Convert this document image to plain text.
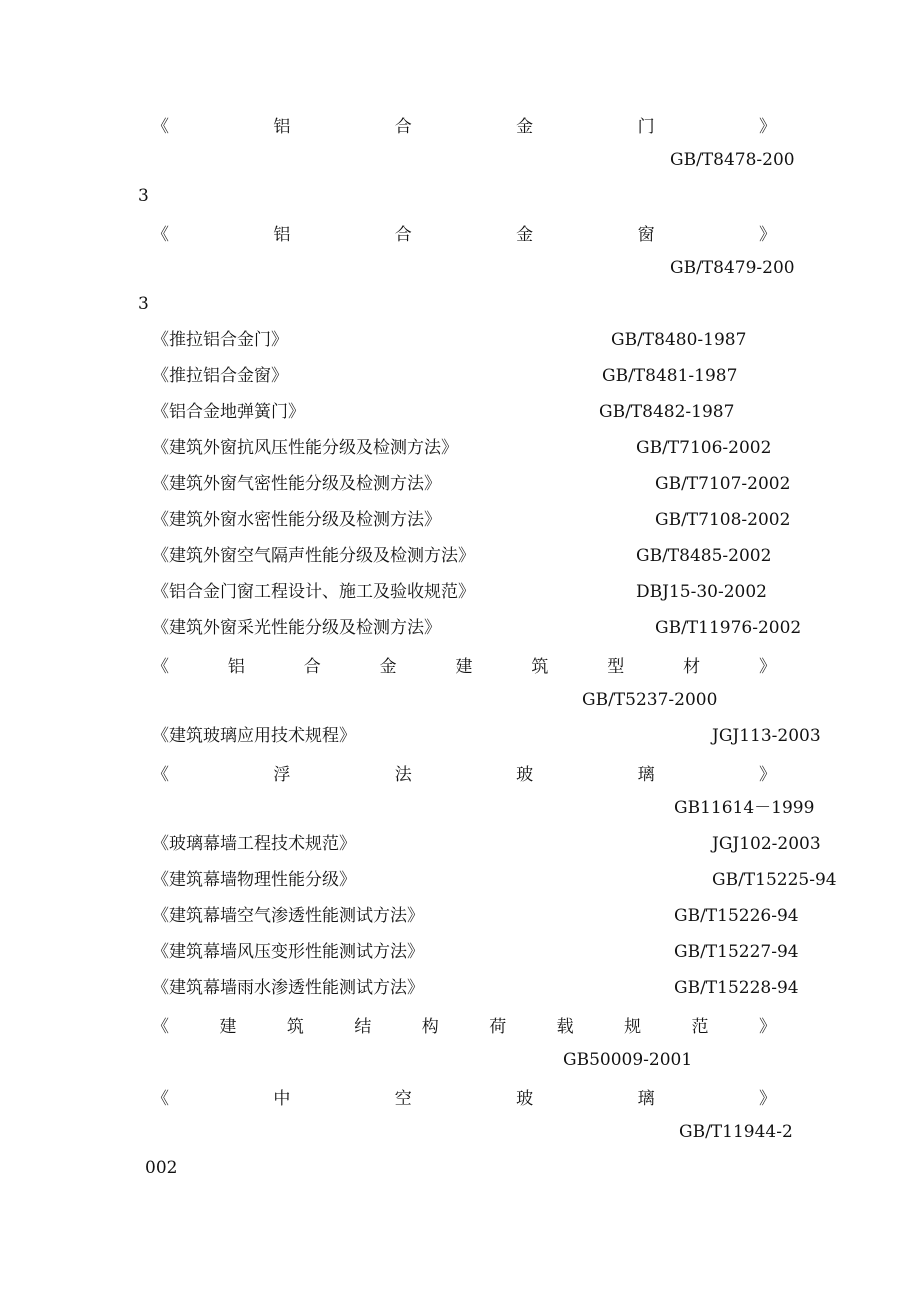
《	铝	合	金	门	》
GB/T8478-200
3
《	铝	合	金	窗	》
GB/T8479-200
3
《推拉铝合金门》	GB/T8480-1987
《推拉铝合金窗》	GB/T8481-1987
《铝合金地弹簧门》	GB/T8482-1987
《建筑外窗抗风压性能分级及检测方法》	GB/T7106-2002
《建筑外窗气密性能分级及检测方法》	GB/T7107-2002
《建筑外窗水密性能分级及检测方法》	GB/T7108-2002
《建筑外窗空气隔声性能分级及检测方法》	GB/T8485-2002
《铝合金门窗工程设计、施工及验收规范》	DBJ15-30-2002
《建筑外窗采光性能分级及检测方法》	GB/T11976-2002
《	铝	合	金	建	筑	型	材	》
GB/T5237-2000
《建筑玻璃应用技术规程》	JGJ113-2003
《	浮	法	玻	璃	》
GB11614－1999
《玻璃幕墙工程技术规范》	JGJ102-2003
《建筑幕墙物理性能分级》	GB/T15225-94
《建筑幕墙空气渗透性能测试方法》	GB/T15226-94
《建筑幕墙风压变形性能测试方法》	GB/T15227-94
《建筑幕墙雨水渗透性能测试方法》	GB/T15228-94
《	建	筑	结	构	荷	载	规	范	》
GB50009-2001
《	中	空	玻	璃	》
GB/T11944-2
002
